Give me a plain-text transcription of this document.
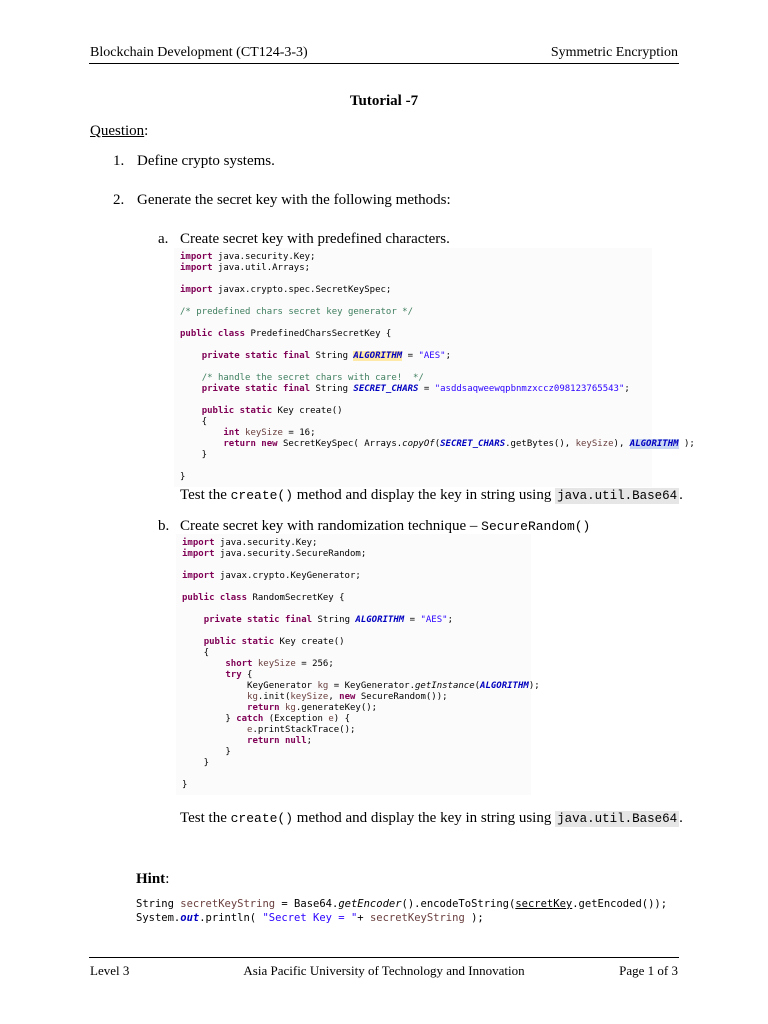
Blockchain Development (CT124-3-3)	Symmetric Encryption
Tutorial -7
Question:
1. Define crypto systems.
2. Generate the secret key with the following methods:
a. Create secret key with predefined characters.
import java.security.Key;
import java.util.Arrays;

import javax.crypto.spec.SecretKeySpec;

/* predefined chars secret key generator */

public class PredefinedCharsSecretKey {

private static final String ALGORITHM = "AES";

/* handle the secret chars with care!  */
private static final String SECRET_CHARS = "asddsaqweewqpbnmzxccz098123765543";

public static Key create()
{
int keySize = 16;
return new SecretKeySpec( Arrays.copyOf(SECRET_CHARS.getBytes(), keySize), ALGORITHM );
}

}
Test the create() method and display the key in string using java.util.Base64 .
b. Create secret key with randomization technique – SecureRandom()
import java.security.Key;
import java.security.SecureRandom;

import javax.crypto.KeyGenerator;

public class RandomSecretKey {

private static final String ALGORITHM = "AES";

public static Key create()
{
short keySize = 256;
try {
KeyGenerator kg = KeyGenerator.getInstance(ALGORITHM);
kg.init(keySize, new SecureRandom());
return kg.generateKey();
} catch (Exception e) {
e.printStackTrace();
return null;
}
}

}
Test the create() method and display the key in string using java.util.Base64 .
Hint:
String secretKeyString = Base64.getEncoder().encodeToString(secretKey.getEncoded());
System.out.println( "Secret Key = "+ secretKeyString );
Level 3	Asia Pacific University of Technology and Innovation	Page 1 of 3
